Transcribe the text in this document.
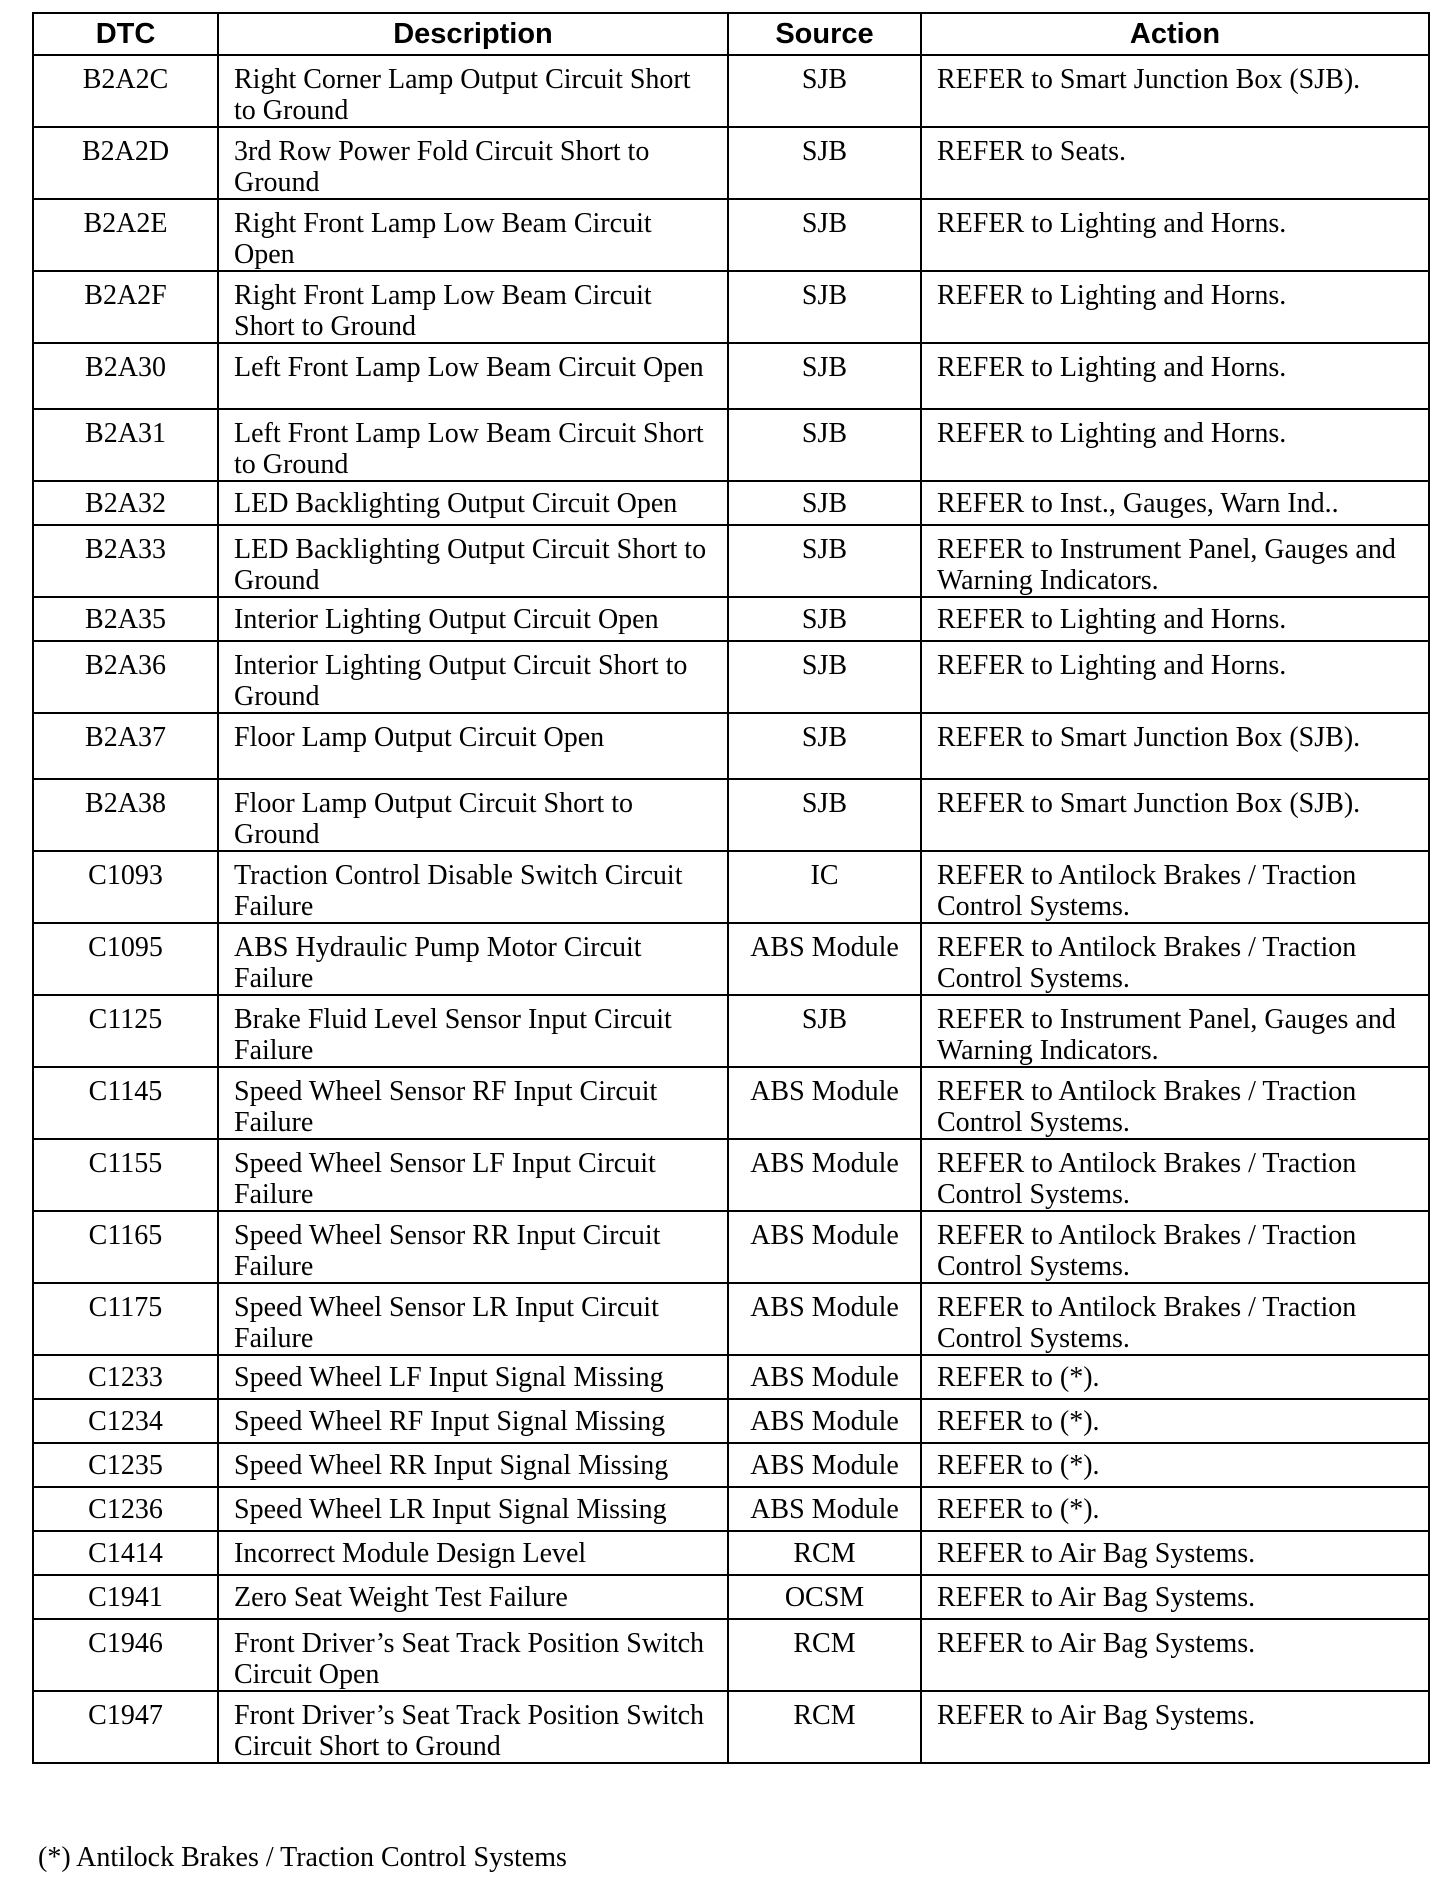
DTC	Description	Source	Action
B2A2C	Right Corner Lamp Output Circuit Short to Ground	SJB	REFER to Smart Junction Box (SJB).
B2A2D	3rd Row Power Fold Circuit Short to Ground	SJB	REFER to Seats.
B2A2E	Right Front Lamp Low Beam Circuit Open	SJB	REFER to Lighting and Horns.
B2A2F	Right Front Lamp Low Beam Circuit Short to Ground	SJB	REFER to Lighting and Horns.
B2A30	Left Front Lamp Low Beam Circuit Open	SJB	REFER to Lighting and Horns.
B2A31	Left Front Lamp Low Beam Circuit Short to Ground	SJB	REFER to Lighting and Horns.
B2A32	LED Backlighting Output Circuit Open	SJB	REFER to Inst., Gauges, Warn Ind..
B2A33	LED Backlighting Output Circuit Short to Ground	SJB	REFER to Instrument Panel, Gauges and Warning Indicators.
B2A35	Interior Lighting Output Circuit Open	SJB	REFER to Lighting and Horns.
B2A36	Interior Lighting Output Circuit Short to Ground	SJB	REFER to Lighting and Horns.
B2A37	Floor Lamp Output Circuit Open	SJB	REFER to Smart Junction Box (SJB).
B2A38	Floor Lamp Output Circuit Short to Ground	SJB	REFER to Smart Junction Box (SJB).
C1093	Traction Control Disable Switch Circuit Failure	IC	REFER to Antilock Brakes / Traction Control Systems.
C1095	ABS Hydraulic Pump Motor Circuit Failure	ABS Module	REFER to Antilock Brakes / Traction Control Systems.
C1125	Brake Fluid Level Sensor Input Circuit Failure	SJB	REFER to Instrument Panel, Gauges and Warning Indicators.
C1145	Speed Wheel Sensor RF Input Circuit Failure	ABS Module	REFER to Antilock Brakes / Traction Control Systems.
C1155	Speed Wheel Sensor LF Input Circuit Failure	ABS Module	REFER to Antilock Brakes / Traction Control Systems.
C1165	Speed Wheel Sensor RR Input Circuit Failure	ABS Module	REFER to Antilock Brakes / Traction Control Systems.
C1175	Speed Wheel Sensor LR Input Circuit Failure	ABS Module	REFER to Antilock Brakes / Traction Control Systems.
C1233	Speed Wheel LF Input Signal Missing	ABS Module	REFER to (*).
C1234	Speed Wheel RF Input Signal Missing	ABS Module	REFER to (*).
C1235	Speed Wheel RR Input Signal Missing	ABS Module	REFER to (*).
C1236	Speed Wheel LR Input Signal Missing	ABS Module	REFER to (*).
C1414	Incorrect Module Design Level	RCM	REFER to Air Bag Systems.
C1941	Zero Seat Weight Test Failure	OCSM	REFER to Air Bag Systems.
C1946	Front Driver’s Seat Track Position Switch Circuit Open	RCM	REFER to Air Bag Systems.
C1947	Front Driver’s Seat Track Position Switch Circuit Short to Ground	RCM	REFER to Air Bag Systems.
(*) Antilock Brakes / Traction Control Systems
